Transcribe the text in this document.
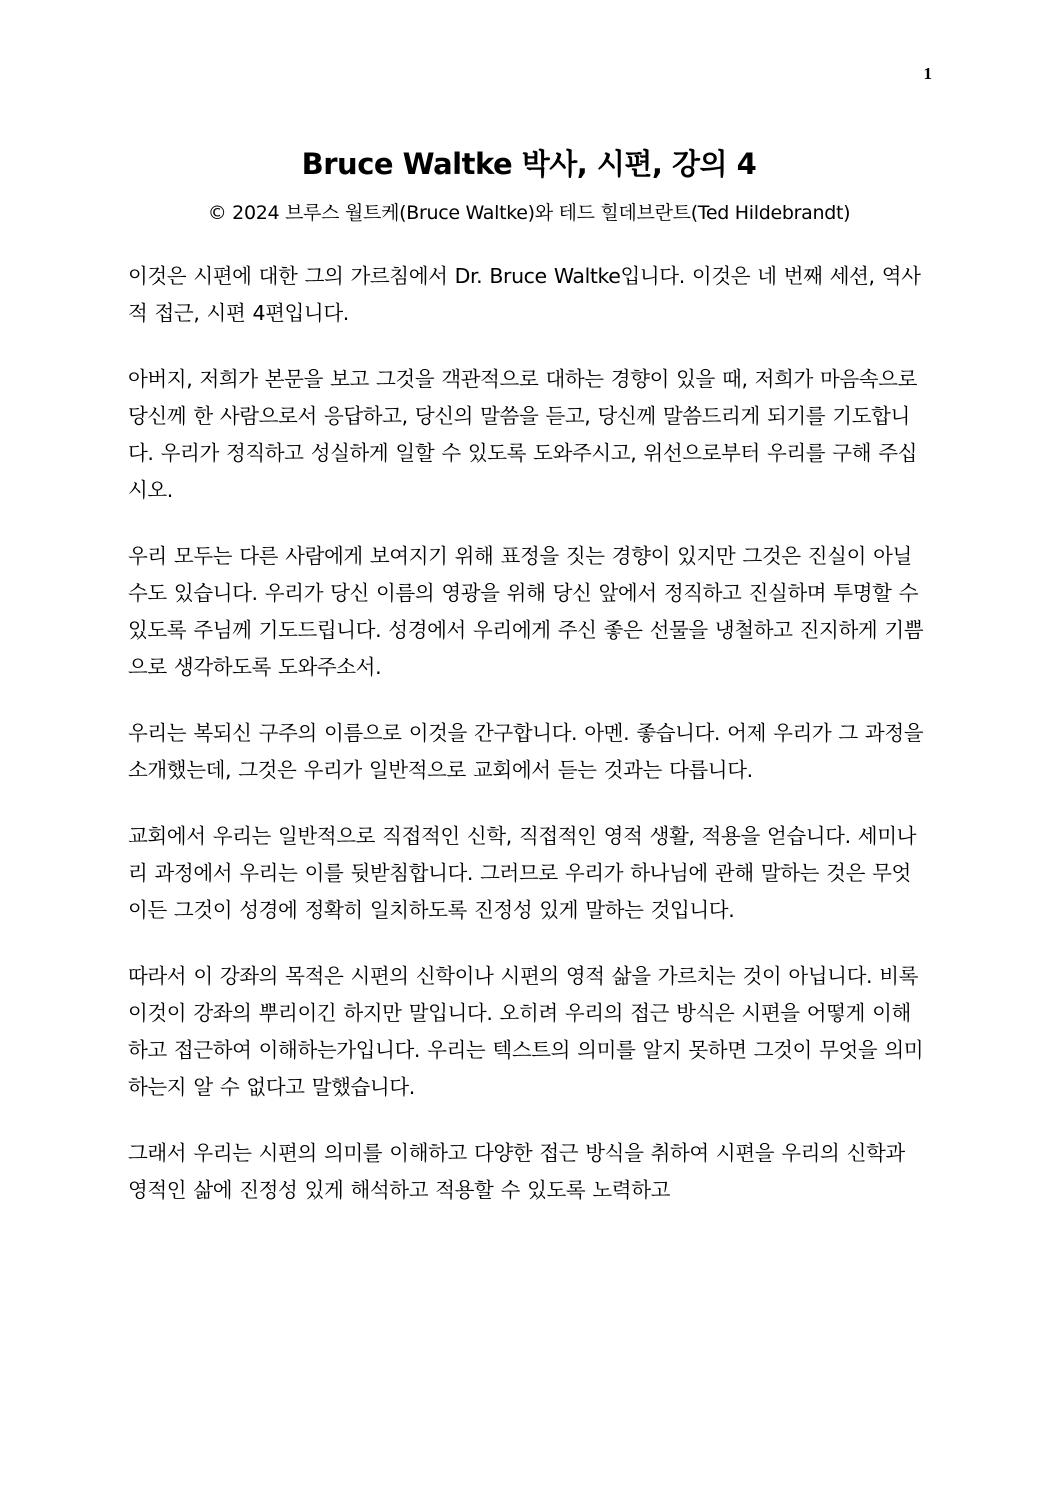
1
Bruce Waltke 박사, 시편, 강의 4

© 2024 브루스 월트케(Bruce Waltke)와 테드 힐데브란트(Ted Hildebrandt)

이것은 시편에 대한 그의 가르침에서 Dr. Bruce Waltke입니다. 이것은 네 번째 세션, 역사적 접근, 시편 4편입니다.

아버지, 저희가 본문을 보고 그것을 객관적으로 대하는 경향이 있을 때, 저희가 마음속으로 당신께 한 사람으로서 응답하고, 당신의 말씀을 듣고, 당신께 말씀드리게 되기를 기도합니다. 우리가 정직하고 성실하게 일할 수 있도록 도와주시고, 위선으로부터 우리를 구해 주십시오.

우리 모두는 다른 사람에게 보여지기 위해 표정을 짓는 경향이 있지만 그것은 진실이 아닐 수도 있습니다. 우리가 당신 이름의 영광을 위해 당신 앞에서 정직하고 진실하며 투명할 수 있도록 주님께 기도드립니다. 성경에서 우리에게 주신 좋은 선물을 냉철하고 진지하게 기쁨으로 생각하도록 도와주소서.

우리는 복되신 구주의 이름으로 이것을 간구합니다. 아멘. 좋습니다. 어제 우리가 그 과정을 소개했는데, 그것은 우리가 일반적으로 교회에서 듣는 것과는 다릅니다.

교회에서 우리는 일반적으로 직접적인 신학, 직접적인 영적 생활, 적용을 얻습니다. 세미나리 과정에서 우리는 이를 뒷받침합니다. 그러므로 우리가 하나님에 관해 말하는 것은 무엇이든 그것이 성경에 정확히 일치하도록 진정성 있게 말하는 것입니다.

따라서 이 강좌의 목적은 시편의 신학이나 시편의 영적 삶을 가르치는 것이 아닙니다. 비록 이것이 강좌의 뿌리이긴 하지만 말입니다. 오히려 우리의 접근 방식은 시편을 어떻게 이해하고 접근하여 이해하는가입니다. 우리는 텍스트의 의미를 알지 못하면 그것이 무엇을 의미하는지 알 수 없다고 말했습니다.

그래서 우리는 시편의 의미를 이해하고 다양한 접근 방식을 취하여 시편을 우리의 신학과 영적인 삶에 진정성 있게 해석하고 적용할 수 있도록 노력하고
